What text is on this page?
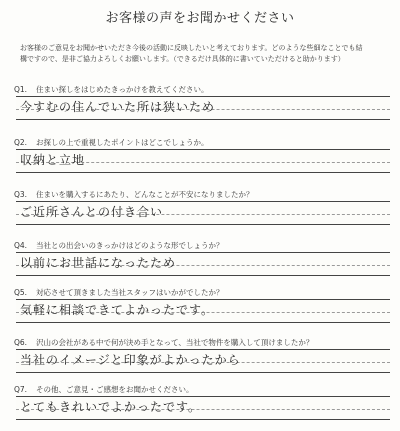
お客様の声をお聞かせください
お客様のご意見をお聞かせいただき今後の活動に反映したいと考えております。どのような些細なことでも結
構ですので、是非ご協力よろしくお願いします。（できるだけ具体的に書いていただけると助かります）
Q1. 住まい探しをはじめたきっかけを教えてください。
今すむの住んでいた所は狭いため
Q2. お探しの上で重視したポイントはどこでしょうか。
収納と立地
Q3. 住まいを購入するにあたり、どんなことが不安になりましたか？
ご近所さんとの付き合い
Q4. 当社との出会いのきっかけはどのような形でしょうか？
以前にお世話になったため
Q5. 対応させて頂きました当社スタッフはいかがでしたか？
気軽に相談できてよかったです。
Q6. 沢山の会社がある中で何が決め手となって、当社で物件を購入して頂けましたか？
当社のイメージと印象がよかったから
Q7. その他、ご意見・ご感想をお聞かせください。
とてもきれいでよかったです。
